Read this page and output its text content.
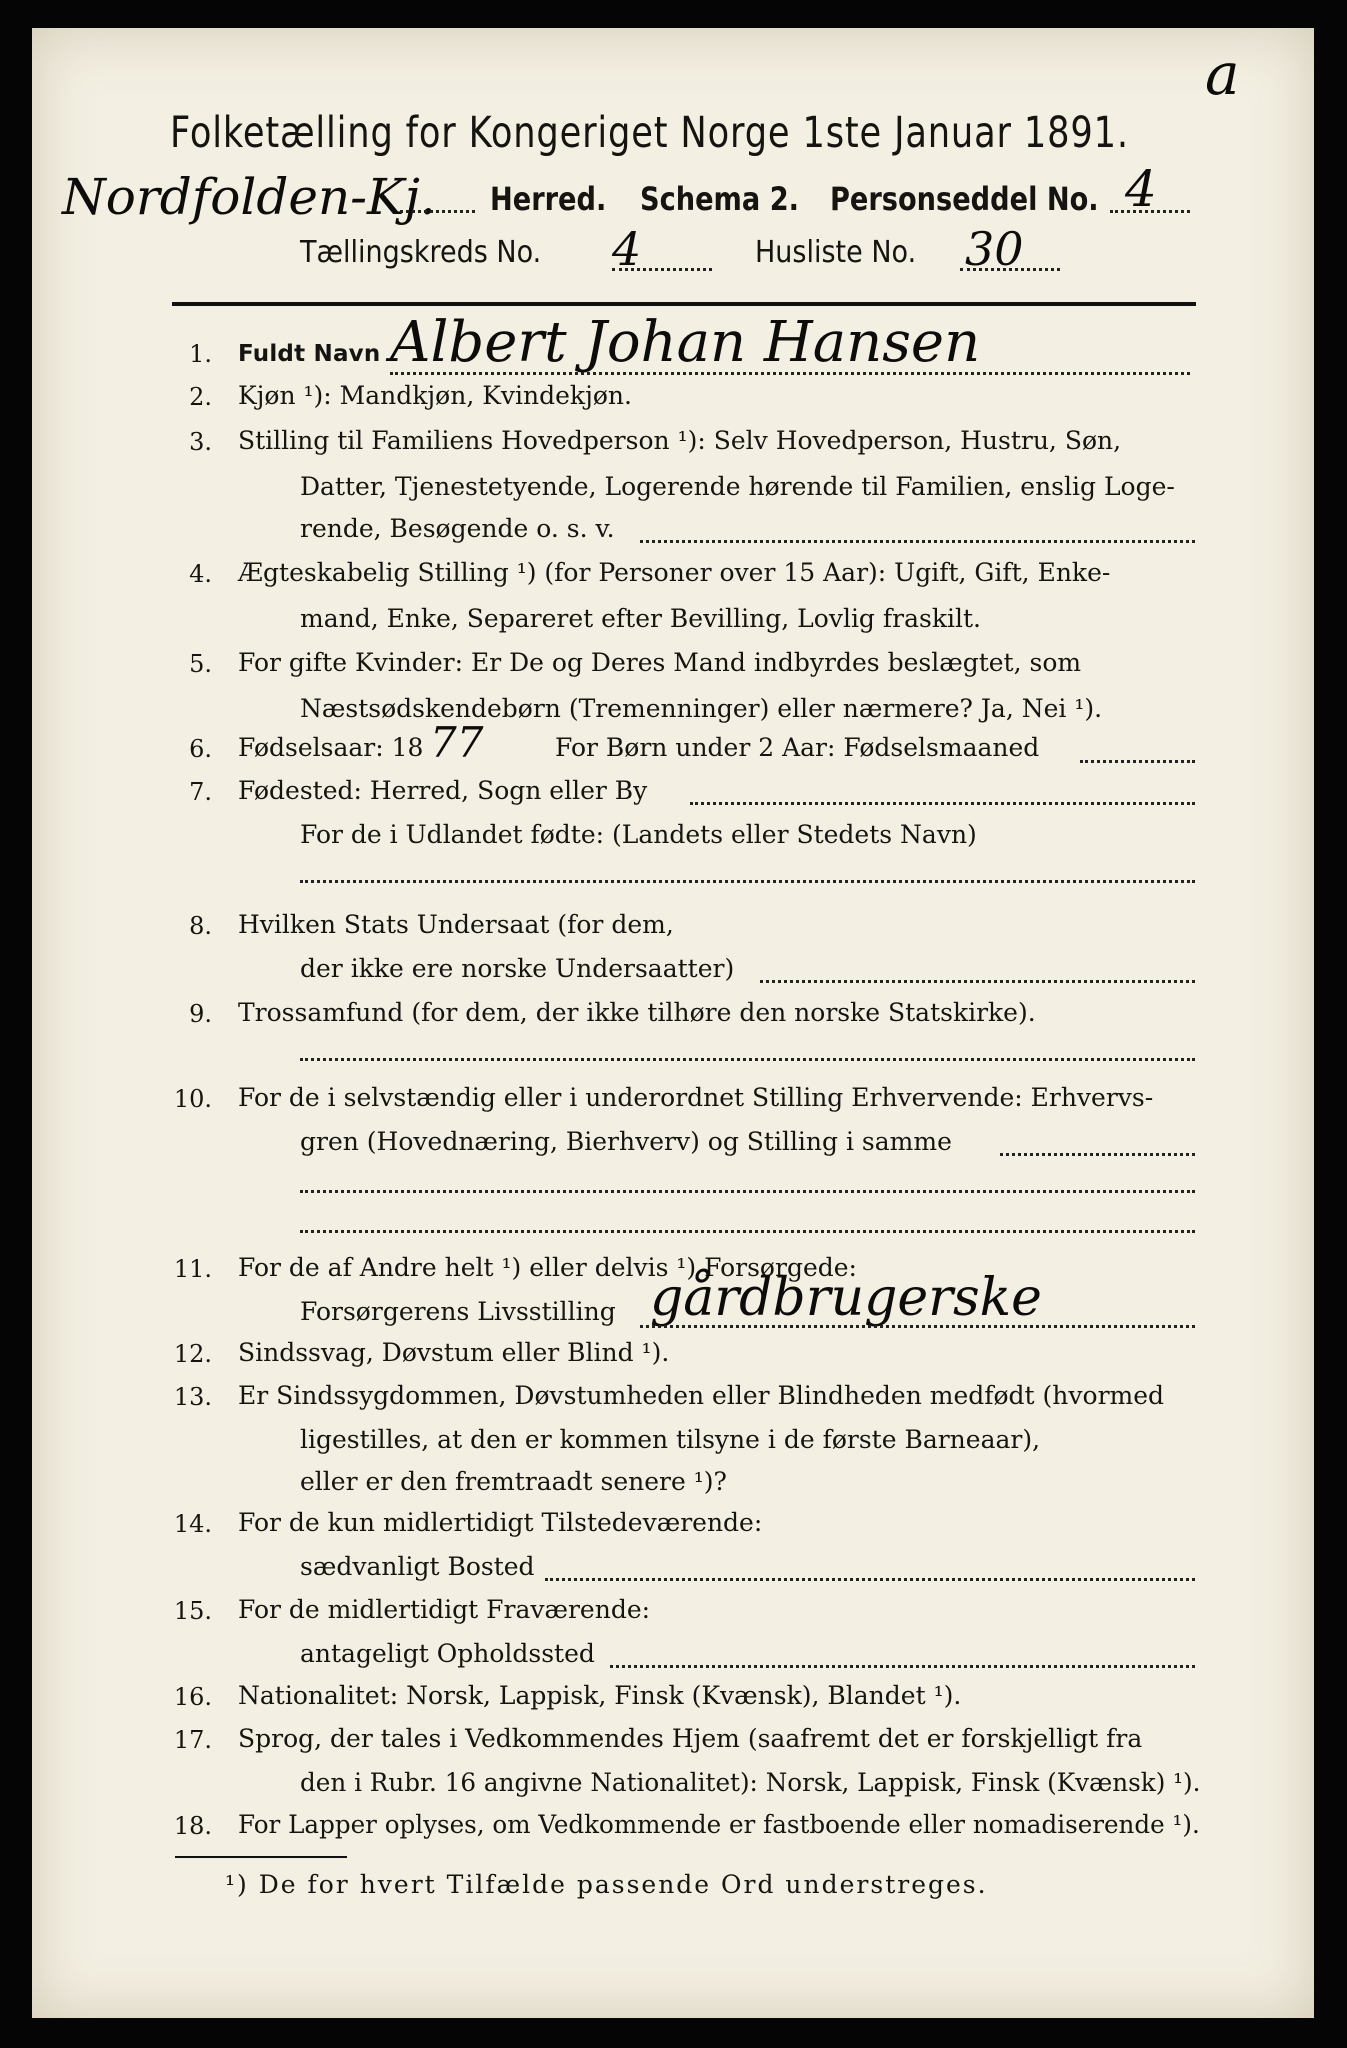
a
Folketælling for Kongeriget Norge 1ste Januar 1891.
Nordfolden-Kj. Herred. Schema 2. Personseddel No. 4
Tællingskreds No. 4	Husliste No. 30
1. Fuldt Navn Albert Johan Hansen
2. Kjøn ¹): Mandkjøn, Kvindekjøn.
3. Stilling til Familiens Hovedperson ¹): Selv Hovedperson, Hustru, Søn,
Datter, Tjenestetyende, Logerende hørende til Familien, enslig Loge-
rende, Besøgende o. s. v.
4. Ægteskabelig Stilling ¹) (for Personer over 15 Aar): Ugift, Gift, Enke-
mand, Enke, Separeret efter Bevilling, Lovlig fraskilt.
5. For gifte Kvinder: Er De og Deres Mand indbyrdes beslægtet, som
Næstsødskendebørn (Tremenninger) eller nærmere? Ja, Nei ¹).
6. Fødselsaar: 18 77	For Børn under 2 Aar: Fødselsmaaned
7. Fødested: Herred, Sogn eller By
For de i Udlandet fødte: (Landets eller Stedets Navn)
8. Hvilken Stats Undersaat (for dem,
der ikke ere norske Undersaatter)
9. Trossamfund (for dem, der ikke tilhøre den norske Statskirke).
10. For de i selvstændig eller i underordnet Stilling Erhvervende: Erhvervs-
gren (Hovednæring, Bierhverv) og Stilling i samme
11. For de af Andre helt ¹) eller delvis ¹) Forsørgede:
Forsørgerens Livsstilling gårdbrugerske
12. Sindssvag, Døvstum eller Blind ¹).
13. Er Sindssygdommen, Døvstumheden eller Blindheden medfødt (hvormed
ligestilles, at den er kommen tilsyne i de første Barneaar),
eller er den fremtraadt senere ¹)?
14. For de kun midlertidigt Tilstedeværende:
sædvanligt Bosted
15. For de midlertidigt Fraværende:
antageligt Opholdssted
16. Nationalitet: Norsk, Lappisk, Finsk (Kvænsk), Blandet ¹).
17. Sprog, der tales i Vedkommendes Hjem (saafremt det er forskjelligt fra
den i Rubr. 16 angivne Nationalitet): Norsk, Lappisk, Finsk (Kvænsk) ¹).
18. For Lapper oplyses, om Vedkommende er fastboende eller nomadiserende ¹).
¹) De for hvert Tilfælde passende Ord understreges.
